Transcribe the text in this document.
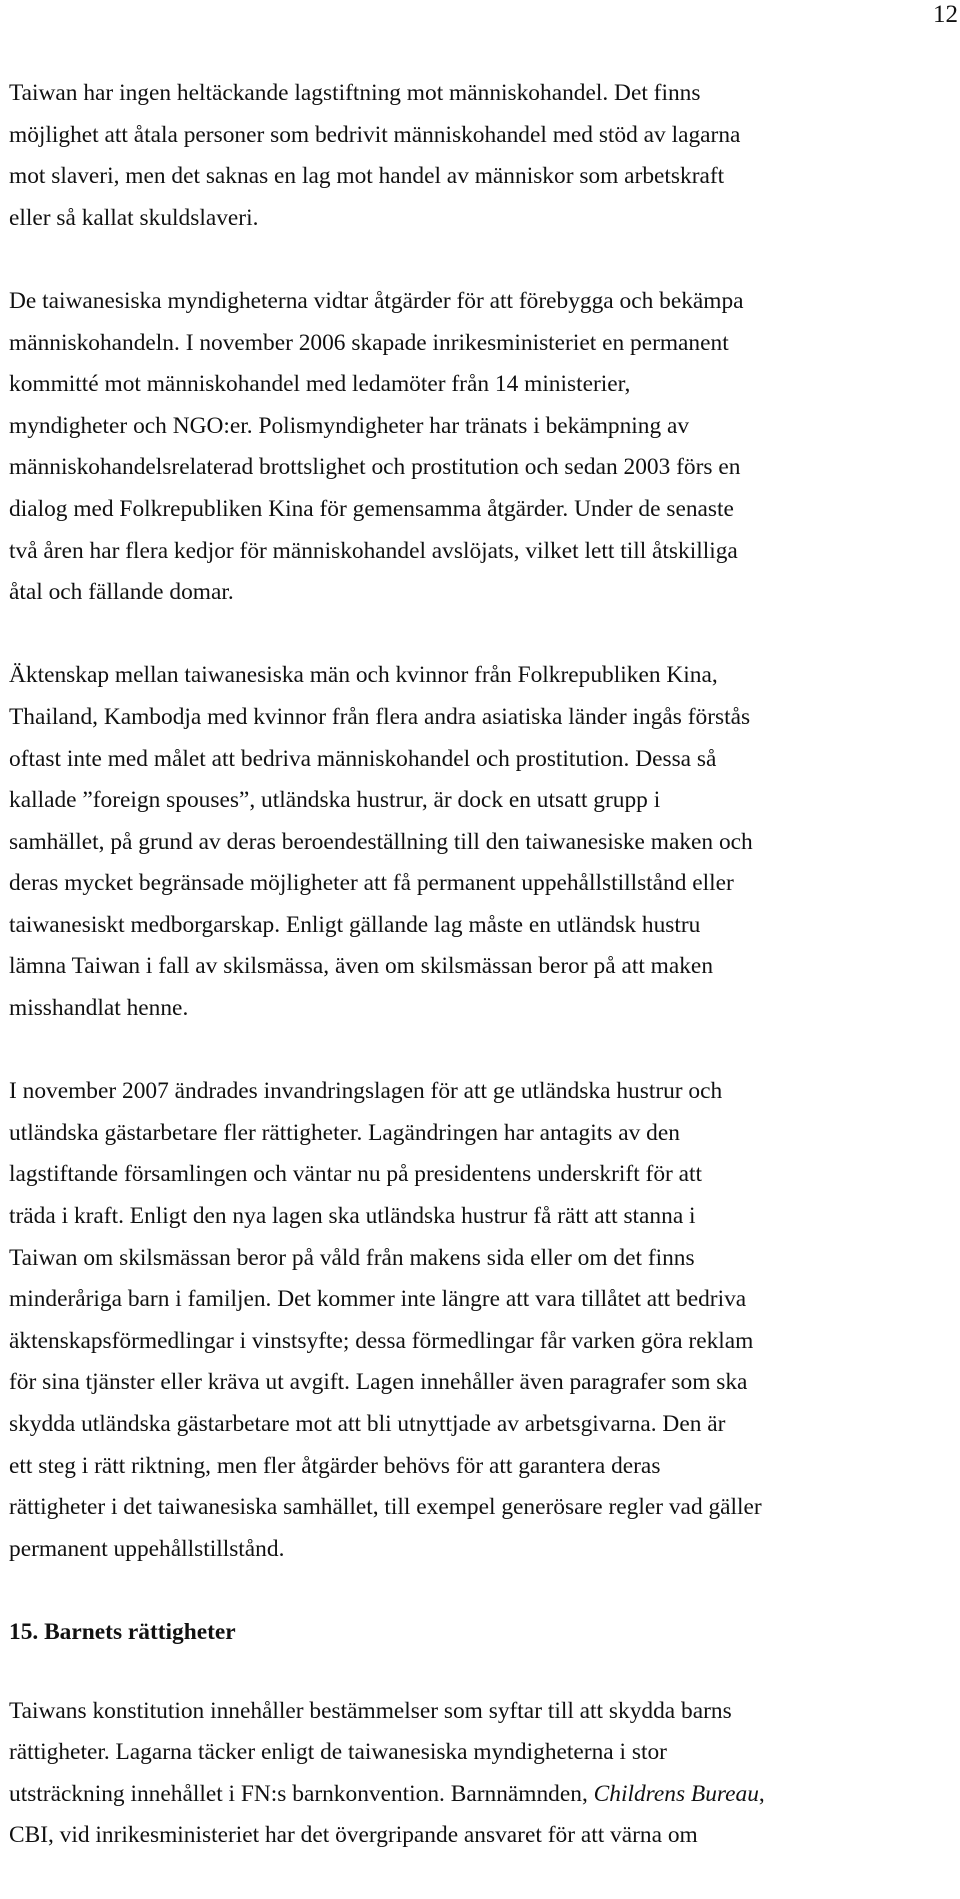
12

Taiwan har ingen heltäckande lagstiftning mot människohandel. Det finns
möjlighet att åtala personer som bedrivit människohandel med stöd av lagarna
mot slaveri, men det saknas en lag mot handel av människor som arbetskraft
eller så kallat skuldslaveri.

De taiwanesiska myndigheterna vidtar åtgärder för att förebygga och bekämpa
människohandeln. I november 2006 skapade inrikesministeriet en permanent
kommitté mot människohandel med ledamöter från 14 ministerier,
myndigheter och NGO:er. Polismyndigheter har tränats i bekämpning av
människohandelsrelaterad brottslighet och prostitution och sedan 2003 förs en
dialog med Folkrepubliken Kina för gemensamma åtgärder. Under de senaste
två åren har flera kedjor för människohandel avslöjats, vilket lett till åtskilliga
åtal och fällande domar.

Äktenskap mellan taiwanesiska män och kvinnor från Folkrepubliken Kina,
Thailand, Kambodja med kvinnor från flera andra asiatiska länder ingås förstås
oftast inte med målet att bedriva människohandel och prostitution. Dessa så
kallade ”foreign spouses”, utländska hustrur, är dock en utsatt grupp i
samhället, på grund av deras beroendeställning till den taiwanesiske maken och
deras mycket begränsade möjligheter att få permanent uppehållstillstånd eller
taiwanesiskt medborgarskap. Enligt gällande lag måste en utländsk hustru
lämna Taiwan i fall av skilsmässa, även om skilsmässan beror på att maken
misshandlat henne.

I november 2007 ändrades invandringslagen för att ge utländska hustrur och
utländska gästarbetare fler rättigheter. Lagändringen har antagits av den
lagstiftande församlingen och väntar nu på presidentens underskrift för att
träda i kraft. Enligt den nya lagen ska utländska hustrur få rätt att stanna i
Taiwan om skilsmässan beror på våld från makens sida eller om det finns
minderåriga barn i familjen. Det kommer inte längre att vara tillåtet att bedriva
äktenskapsförmedlingar i vinstsyfte; dessa förmedlingar får varken göra reklam
för sina tjänster eller kräva ut avgift. Lagen innehåller även paragrafer som ska
skydda utländska gästarbetare mot att bli utnyttjade av arbetsgivarna. Den är
ett steg i rätt riktning, men fler åtgärder behövs för att garantera deras
rättigheter i det taiwanesiska samhället, till exempel generösare regler vad gäller
permanent uppehållstillstånd.

15. Barnets rättigheter

Taiwans konstitution innehåller bestämmelser som syftar till att skydda barns
rättigheter. Lagarna täcker enligt de taiwanesiska myndigheterna i stor
utsträckning innehållet i FN:s barnkonvention. Barnnämnden, Childrens Bureau,
CBI, vid inrikesministeriet har det övergripande ansvaret för att värna om
